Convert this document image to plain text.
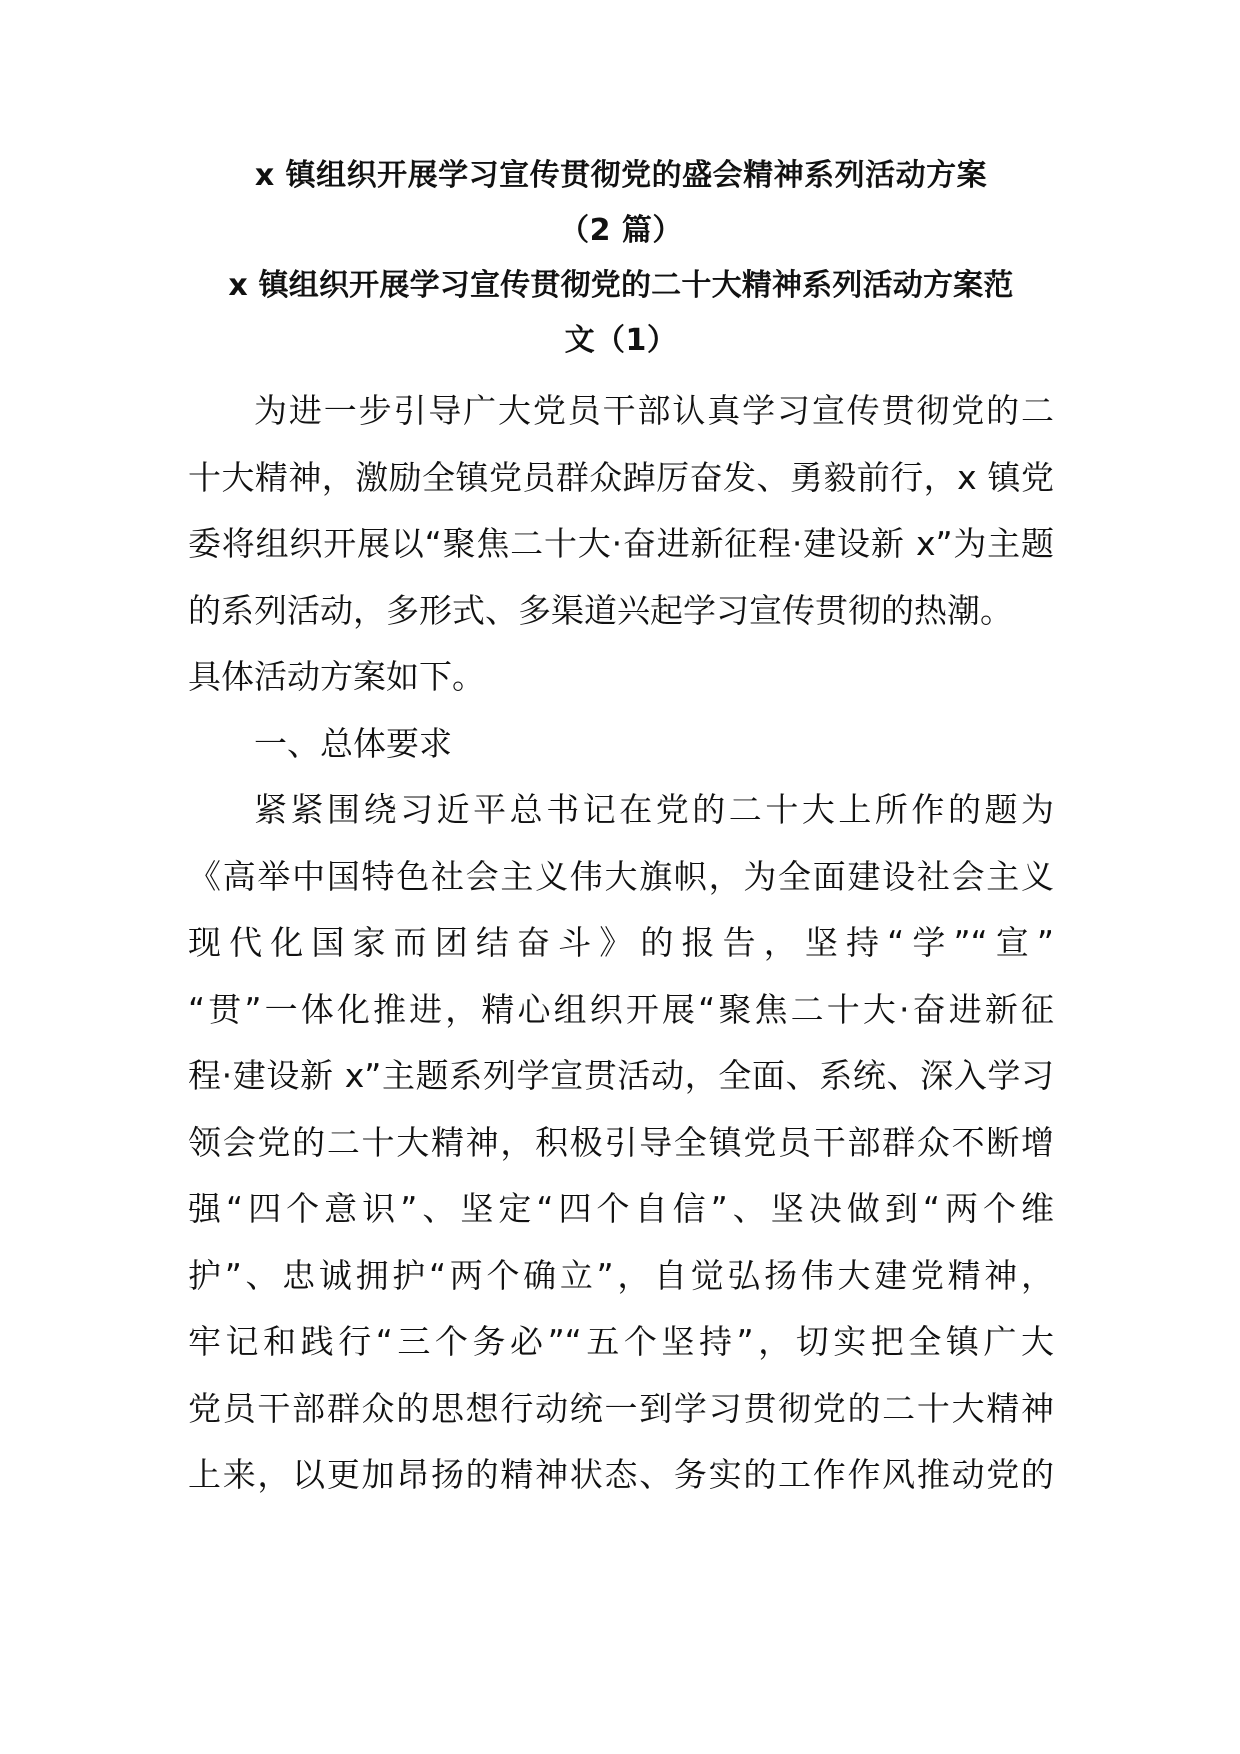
x 镇组织开展学习宣传贯彻党的盛会精神系列活动方案

（2 篇）

x 镇组织开展学习宣传贯彻党的二十大精神系列活动方案范

文（1）

为进一步引导广大党员干部认真学习宣传贯彻党的二
十大精神，激励全镇党员群众踔厉奋发、勇毅前行，x 镇党
委将组织开展以“聚焦二十大·奋进新征程·建设新 x”为主题
的系列活动，多形式、多渠道兴起学习宣传贯彻的热潮。
具体活动方案如下。
一、总体要求
紧紧围绕习近平总书记在党的二十大上所作的题为
《高举中国特色社会主义伟大旗帜，为全面建设社会主义
现代化国家而团结奋斗》的报告，坚持“学”“宣”
“贯”一体化推进，精心组织开展“聚焦二十大·奋进新征
程·建设新 x”主题系列学宣贯活动，全面、系统、深入学习
领会党的二十大精神，积极引导全镇党员干部群众不断增
强“四个意识”、坚定“四个自信”、坚决做到“两个维
护”、忠诚拥护“两个确立”，自觉弘扬伟大建党精神，
牢记和践行“三个务必”“五个坚持”，切实把全镇广大
党员干部群众的思想行动统一到学习贯彻党的二十大精神
上来，以更加昂扬的精神状态、务实的工作作风推动党的
